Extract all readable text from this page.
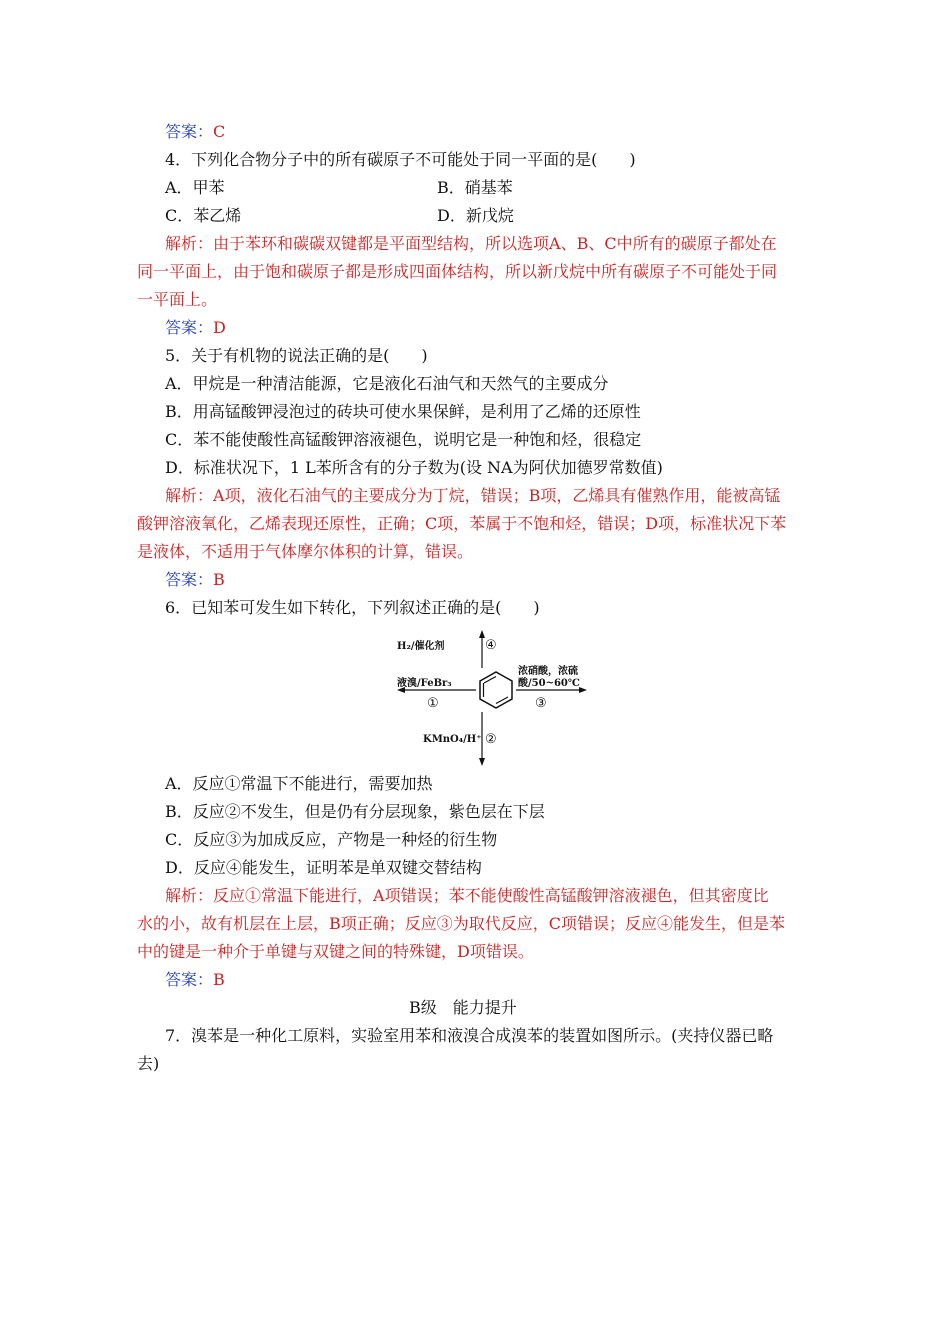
答案：C
4．下列化合物分子中的所有碳原子不可能处于同一平面的是(　　)
A．甲苯	B．硝基苯
C．苯乙烯	D．新戊烷
解析：由于苯环和碳碳双键都是平面型结构，所以选项A、B、C中所有的碳原子都处在
同一平面上，由于饱和碳原子都是形成四面体结构，所以新戊烷中所有碳原子不可能处于同
一平面上。
答案：D
5．关于有机物的说法正确的是(　　)
A．甲烷是一种清洁能源，它是液化石油气和天然气的主要成分
B．用高锰酸钾浸泡过的砖块可使水果保鲜，是利用了乙烯的还原性
C．苯不能使酸性高锰酸钾溶液褪色，说明它是一种饱和烃，很稳定
D．标准状况下，1 L苯所含有的分子数为(设 NA为阿伏加德罗常数值)
解析：A项，液化石油气的主要成分为丁烷，错误；B项，乙烯具有催熟作用，能被高锰
酸钾溶液氧化，乙烯表现还原性，正确；C项，苯属于不饱和烃，错误；D项，标准状况下苯
是液体，不适用于气体摩尔体积的计算，错误。
答案：B
6．已知苯可发生如下转化，下列叙述正确的是(　　)
H₂/催化剂	④
液溴/FeBr₃
①
浓硝酸，浓硫
酸/50~60℃
③
KMnO₄/H⁺ ②
A．反应①常温下不能进行，需要加热
B．反应②不发生，但是仍有分层现象，紫色层在下层
C．反应③为加成反应，产物是一种烃的衍生物
D．反应④能发生，证明苯是单双键交替结构
解析：反应①常温下能进行，A项错误；苯不能使酸性高锰酸钾溶液褪色，但其密度比
水的小，故有机层在上层，B项正确；反应③为取代反应，C项错误；反应④能发生，但是苯
中的键是一种介于单键与双键之间的特殊键，D项错误。
答案：B
B级　能力提升
7．溴苯是一种化工原料，实验室用苯和液溴合成溴苯的装置如图所示。(夹持仪器已略
去)
